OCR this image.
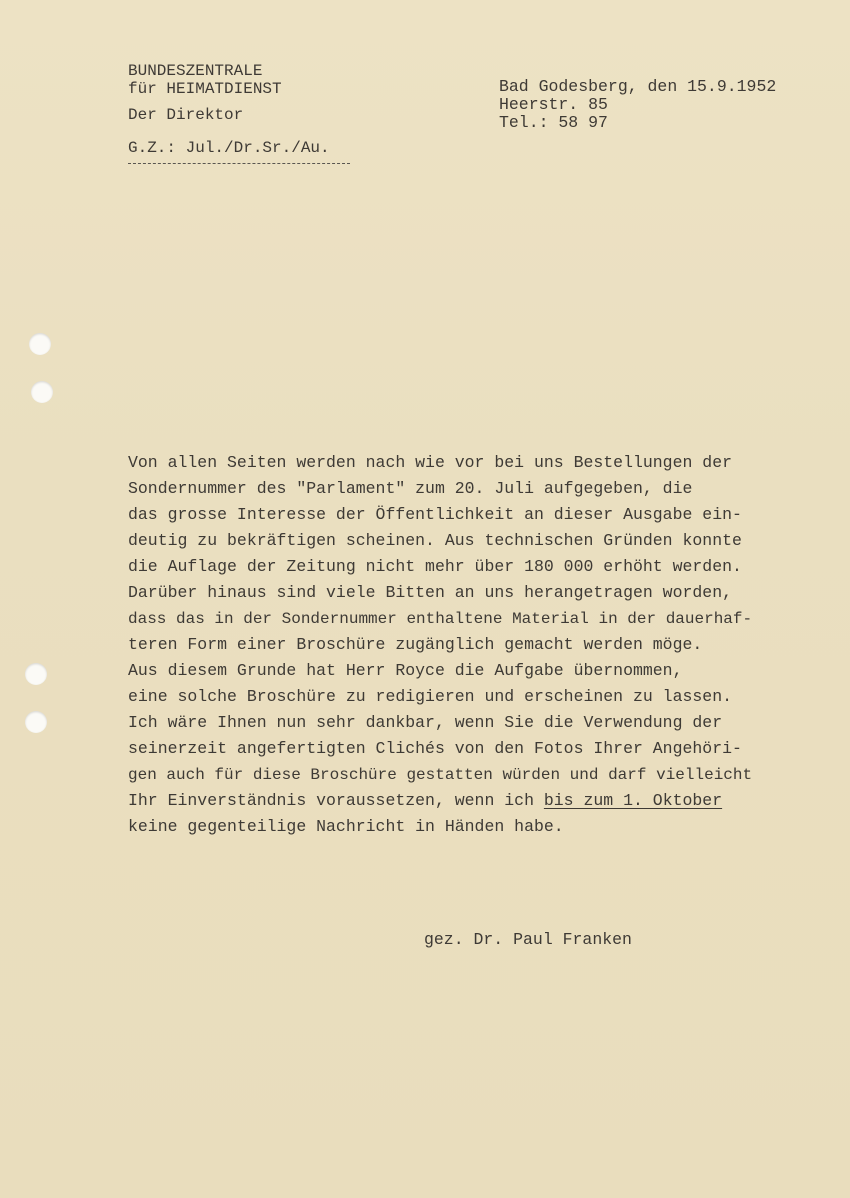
BUNDESZENTRALE
für HEIMATDIENST
Der Direktor
G.Z.: Jul./Dr.Sr./Au.
Bad Godesberg, den 15.9.1952
Heerstr. 85
Tel.: 58 97
Von allen Seiten werden nach wie vor bei uns Bestellungen der
Sondernummer des "Parlament" zum 20. Juli aufgegeben, die
das grosse Interesse der Öffentlichkeit an dieser Ausgabe ein-
deutig zu bekräftigen scheinen. Aus technischen Gründen konnte
die Auflage der Zeitung nicht mehr über 180 000 erhöht werden.
Darüber hinaus sind viele Bitten an uns herangetragen worden,
dass das in der Sondernummer enthaltene Material in der dauerhaf-
teren Form einer Broschüre zugänglich gemacht werden möge.
Aus diesem Grunde hat Herr Royce die Aufgabe übernommen,
eine solche Broschüre zu redigieren und erscheinen zu lassen.
Ich wäre Ihnen nun sehr dankbar, wenn Sie die Verwendung der
seinerzeit angefertigten Clichés von den Fotos Ihrer Angehöri-
gen auch für diese Broschüre gestatten würden und darf vielleicht
Ihr Einverständnis voraussetzen, wenn ich bis zum 1. Oktober
keine gegenteilige Nachricht in Händen habe.
gez. Dr. Paul Franken
